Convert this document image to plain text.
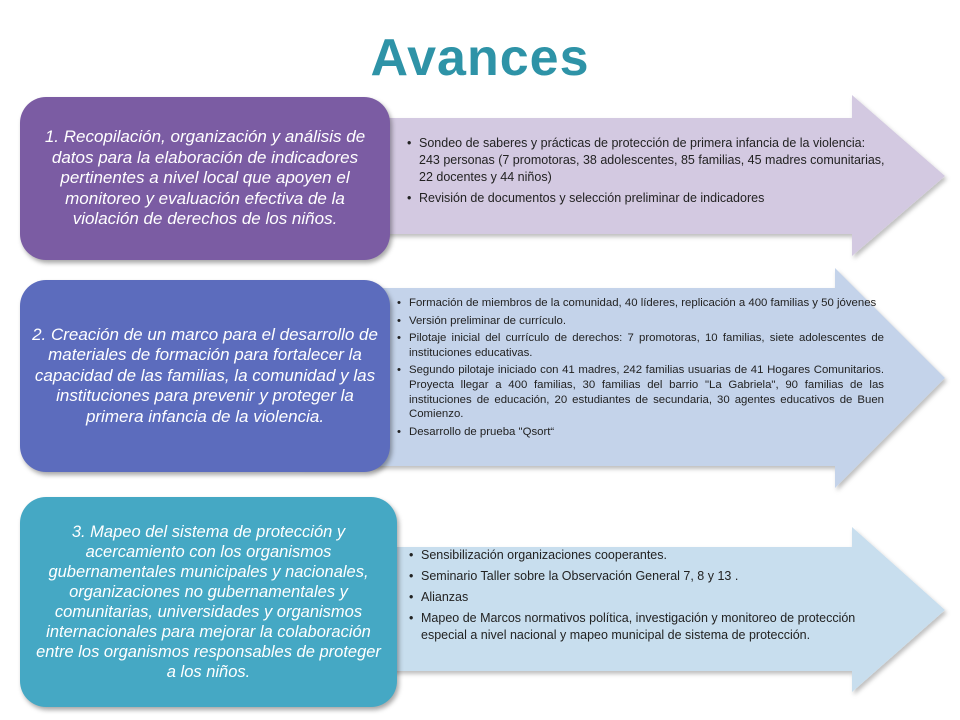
Avances
1. Recopilación, organización y análisis de datos para la elaboración de indicadores pertinentes a nivel local que apoyen el monitoreo y evaluación efectiva de la violación de derechos de los niños.
• Sondeo de saberes y prácticas de protección de primera infancia de la violencia: 243 personas (7 promotoras, 38 adolescentes, 85 familias, 45 madres comunitarias, 22 docentes y 44 niños)
• Revisión de documentos y selección preliminar de indicadores
2. Creación de un marco para el desarrollo de materiales de formación para fortalecer la capacidad de las familias, la comunidad y las instituciones para prevenir y proteger la primera infancia de la violencia.
• Formación de miembros de la comunidad, 40 líderes, replicación a 400 familias y 50 jóvenes
• Versión preliminar de currículo.
• Pilotaje inicial del currículo de derechos: 7 promotoras, 10 familias, siete adolescentes de instituciones educativas.
• Segundo pilotaje iniciado con 41 madres, 242 familias usuarias de 41 Hogares Comunitarios. Proyecta llegar a 400 familias, 30 familias del barrio "La Gabriela", 90 familias de las instituciones de educación, 20 estudiantes de secundaria, 30 agentes educativos de Buen Comienzo.
• Desarrollo de prueba "Qsort“
3. Mapeo del sistema de protección y acercamiento con los organismos gubernamentales municipales y nacionales, organizaciones no gubernamentales y comunitarias, universidades y organismos internacionales para mejorar la colaboración entre los organismos responsables de proteger a los niños.
• Sensibilización organizaciones cooperantes.
• Seminario Taller sobre la Observación General 7, 8 y 13 .
• Alianzas
• Mapeo de Marcos normativos política, investigación y monitoreo de protección especial a nivel nacional y mapeo municipal de sistema de protección.
